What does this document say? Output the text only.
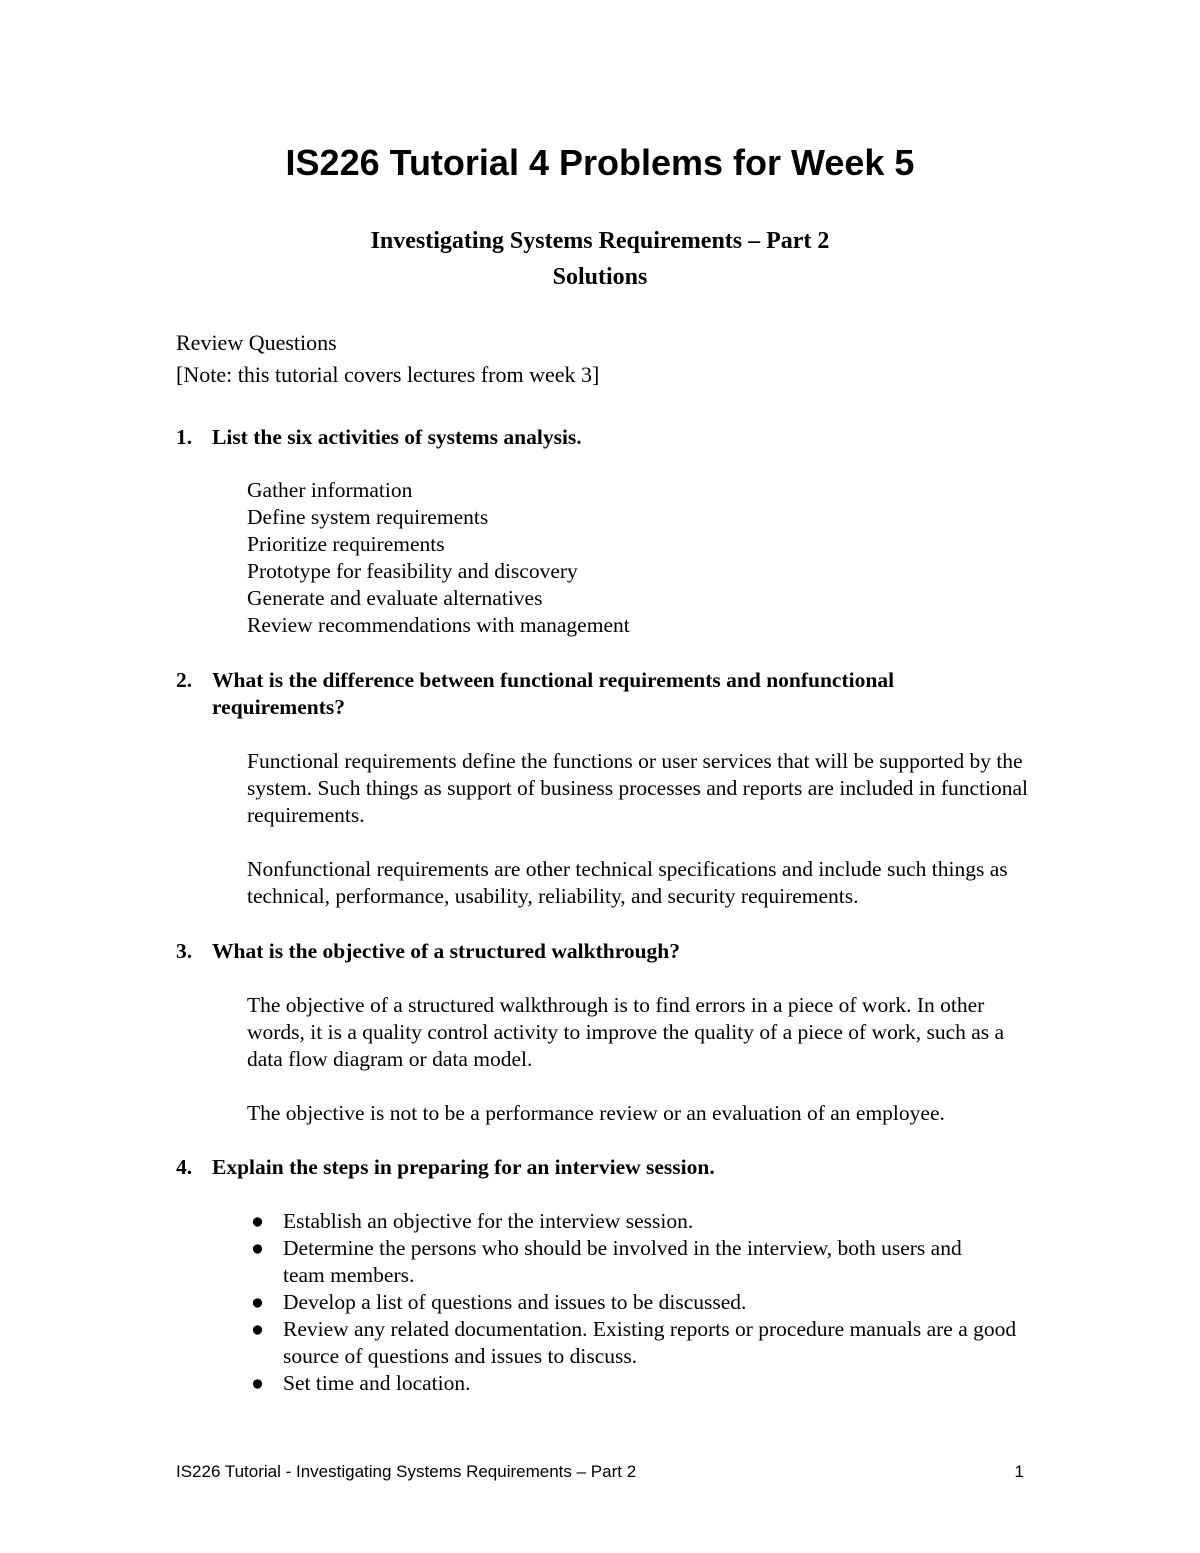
IS226 Tutorial 4 Problems for Week 5
Investigating Systems Requirements – Part 2
Solutions
Review Questions
[Note: this tutorial covers lectures from week 3]
1. List the six activities of systems analysis.
Gather information
Define system requirements
Prioritize requirements
Prototype for feasibility and discovery
Generate and evaluate alternatives
Review recommendations with management
2. What is the difference between functional requirements and nonfunctional requirements?
Functional requirements define the functions or user services that will be supported by the system. Such things as support of business processes and reports are included in functional requirements.
Nonfunctional requirements are other technical specifications and include such things as technical, performance, usability, reliability, and security requirements.
3. What is the objective of a structured walkthrough?
The objective of a structured walkthrough is to find errors in a piece of work. In other words, it is a quality control activity to improve the quality of a piece of work, such as a data flow diagram or data model.
The objective is not to be a performance review or an evaluation of an employee.
4. Explain the steps in preparing for an interview session.
● Establish an objective for the interview session.
● Determine the persons who should be involved in the interview, both users and team members.
● Develop a list of questions and issues to be discussed.
● Review any related documentation. Existing reports or procedure manuals are a good source of questions and issues to discuss.
● Set time and location.
IS226 Tutorial - Investigating Systems Requirements – Part 2	1
